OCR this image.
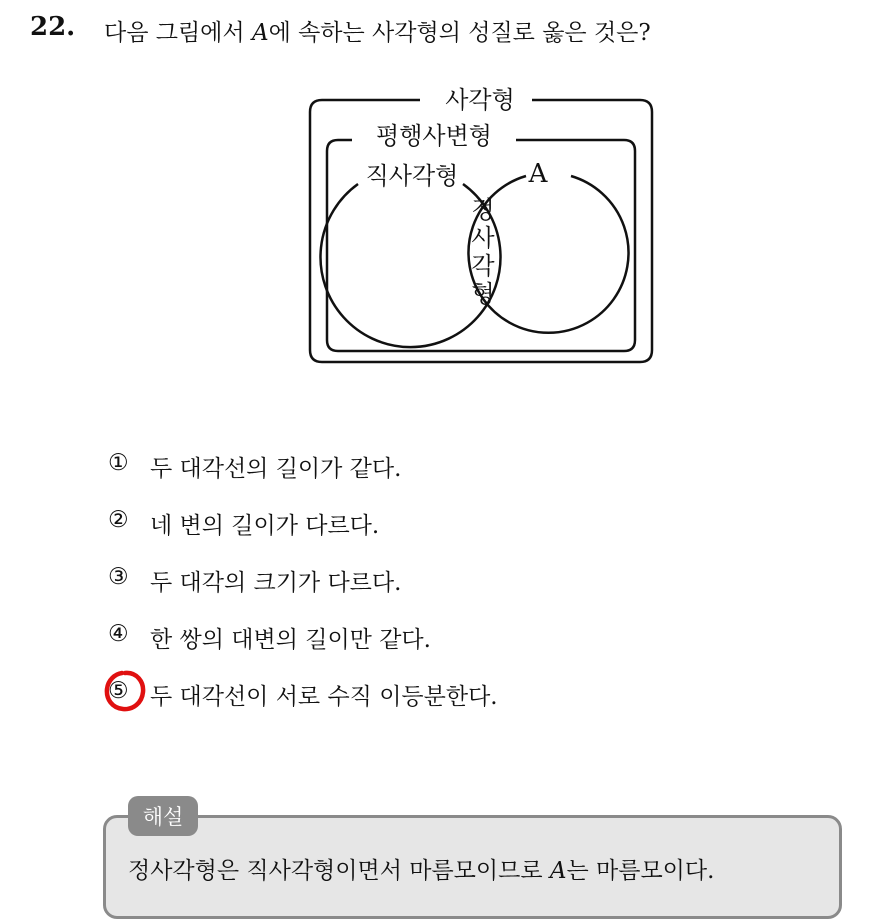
22. 다음 그림에서 A에 속하는 사각형의 성질로 옳은 것은?
사각형
평행사변형
직사각형	A
정
사
각
형
① 두 대각선의 길이가 같다.
② 네 변의 길이가 다르다.
③ 두 대각의 크기가 다르다.
④ 한 쌍의 대변의 길이만 같다.
⑤ 두 대각선이 서로 수직 이등분한다.
해설
정사각형은 직사각형이면서 마름모이므로 A는 마름모이다.
